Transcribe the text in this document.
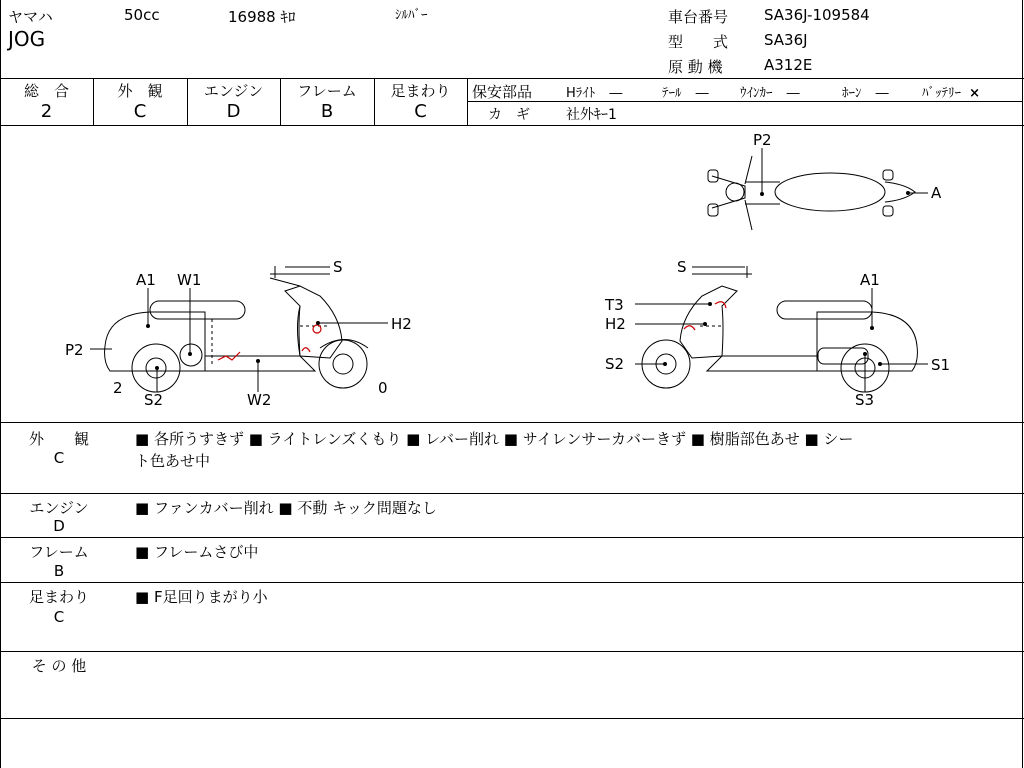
ヤマハ	50cc	16988 ｷﾛ	ｼﾙﾊﾞｰ
JOG
車台番号 SA36J-109584
型　　式 SA36J
原 動 機	A312E
総　合
2
外　観
C
エンジン
D
フレーム
B
足まわり
C
保安部品	Hﾗｲﾄ ―	ﾃｰﾙ ― ｳｲﾝｶｰ ―	ﾎｰﾝ ―	ﾊﾞｯﾃﾘｰ ×
カ　ギ	社外ｷｰ1
A1 W1
S
H2
P2
2
S2	W2
0
S
A1
T3
H2
S2	S1
S3
P2
A
外　　観
C
■ 各所うすきず ■ ライトレンズくもり ■ レバー削れ ■ サイレンサーカバーきず ■ 樹脂部色あせ ■ シー
ト色あせ中
エンジン
D
■ ファンカバー削れ ■ 不動 キック問題なし
フレーム
B
■ フレームさび中
足まわり
C
■ F足回りまがり小
そ の 他
